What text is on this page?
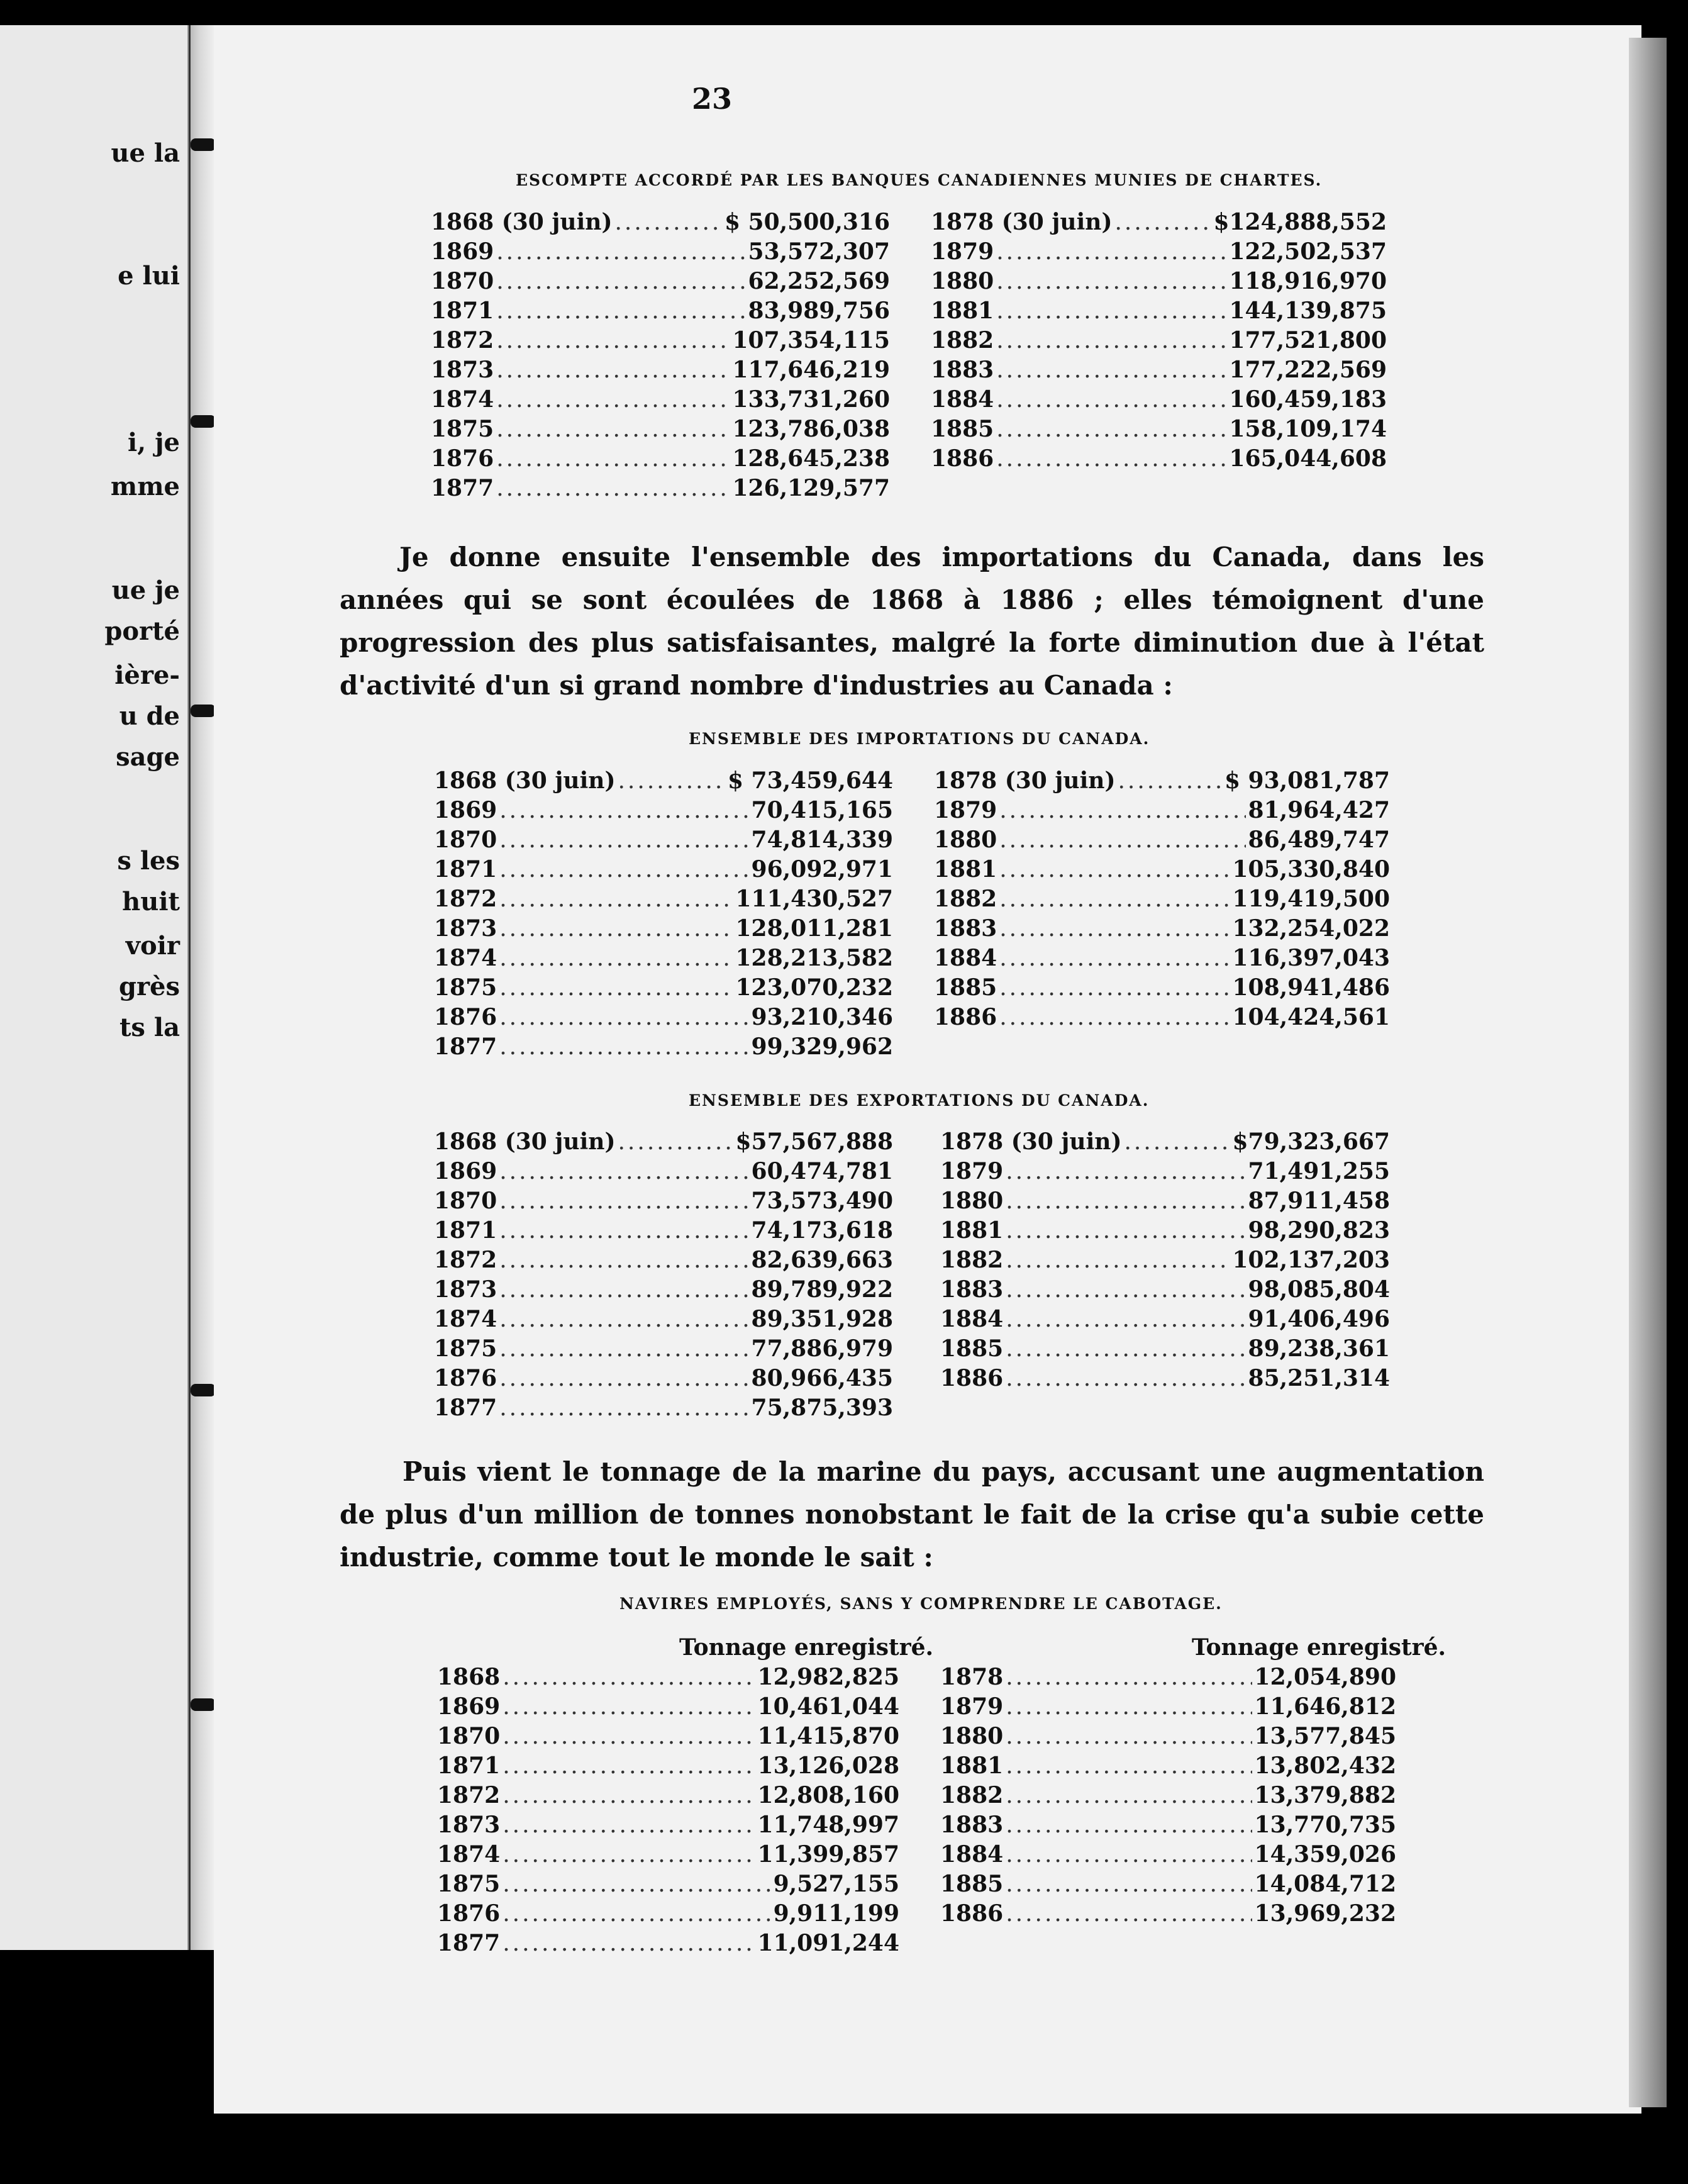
ue la
e lui
i, je
mme
ue je
porté
ière-
u de
sage
s les
huit
voir
grès
ts la
23
ESCOMPTE ACCORDÉ PAR LES BANQUES CANADIENNES MUNIES DE CHARTES.
1868 (30 juin) .....	$ 50,500,316
1869 .....	53,572,307
1870 .....	62,252,569
1871 .....	83,989,756
1872 .....	107,354,115
1873 .....	117,646,219
1874 .....	133,731,260
1875 .....	123,786,038
1876 .....	128,645,238
1877 .....	126,129,577
1878 (30 juin) .....	$124,888,552
1879 .....	122,502,537
1880 .....	118,916,970
1881 .....	144,139,875
1882 .....	177,521,800
1883 .....	177,222,569
1884 .....	160,459,183
1885 .....	158,109,174
1886 .....	165,044,608
Je donne ensuite l'ensemble des importations du Canada, dans les années qui se sont écoulées de 1868 à 1886 ; elles témoignent d'une progression des plus satisfaisantes, malgré la forte diminution due à l'état d'activité d'un si grand nombre d'industries au Canada :
ENSEMBLE DES IMPORTATIONS DU CANADA.
1868 (30 juin) .....	$ 73,459,644
1869 .....	70,415,165
1870 .....	74,814,339
1871 .....	96,092,971
1872 .....	111,430,527
1873 .....	128,011,281
1874 .....	128,213,582
1875 .....	123,070,232
1876 .....	93,210,346
1877 .....	99,329,962
1878 (30 juin) .....	$ 93,081,787
1879 .....	81,964,427
1880 .....	86,489,747
1881 .....	105,330,840
1882 .....	119,419,500
1883 .....	132,254,022
1884 .....	116,397,043
1885 .....	108,941,486
1886 .....	104,424,561
ENSEMBLE DES EXPORTATIONS DU CANADA.
1868 (30 juin) .....	$57,567,888
1869 .....	60,474,781
1870 .....	73,573,490
1871 .....	74,173,618
1872 .....	82,639,663
1873 .....	89,789,922
1874 .....	89,351,928
1875 .....	77,886,979
1876 .....	80,966,435
1877 .....	75,875,393
1878 (30 juin) .....	$79,323,667
1879 .....	71,491,255
1880 .....	87,911,458
1881 .....	98,290,823
1882 .....	102,137,203
1883 .....	98,085,804
1884 .....	91,406,496
1885 .....	89,238,361
1886 .....	85,251,314
Puis vient le tonnage de la marine du pays, accusant une augmentation de plus d'un million de tonnes nonobstant le fait de la crise qu'a subie cette industrie, comme tout le monde le sait :
NAVIRES EMPLOYÉS, SANS Y COMPRENDRE LE CABOTAGE.
Tonnage enregistré.	Tonnage enregistré.
1868 .....	12,982,825
1869 .....	10,461,044
1870 .....	11,415,870
1871 .....	13,126,028
1872 .....	12,808,160
1873 .....	11,748,997
1874 .....	11,399,857
1875 .....	9,527,155
1876 .....	9,911,199
1877 .....	11,091,244
1878 .....	12,054,890
1879 .....	11,646,812
1880 .....	13,577,845
1881 .....	13,802,432
1882 .....	13,379,882
1883 .....	13,770,735
1884 .....	14,359,026
1885 .....	14,084,712
1886 .....	13,969,232
